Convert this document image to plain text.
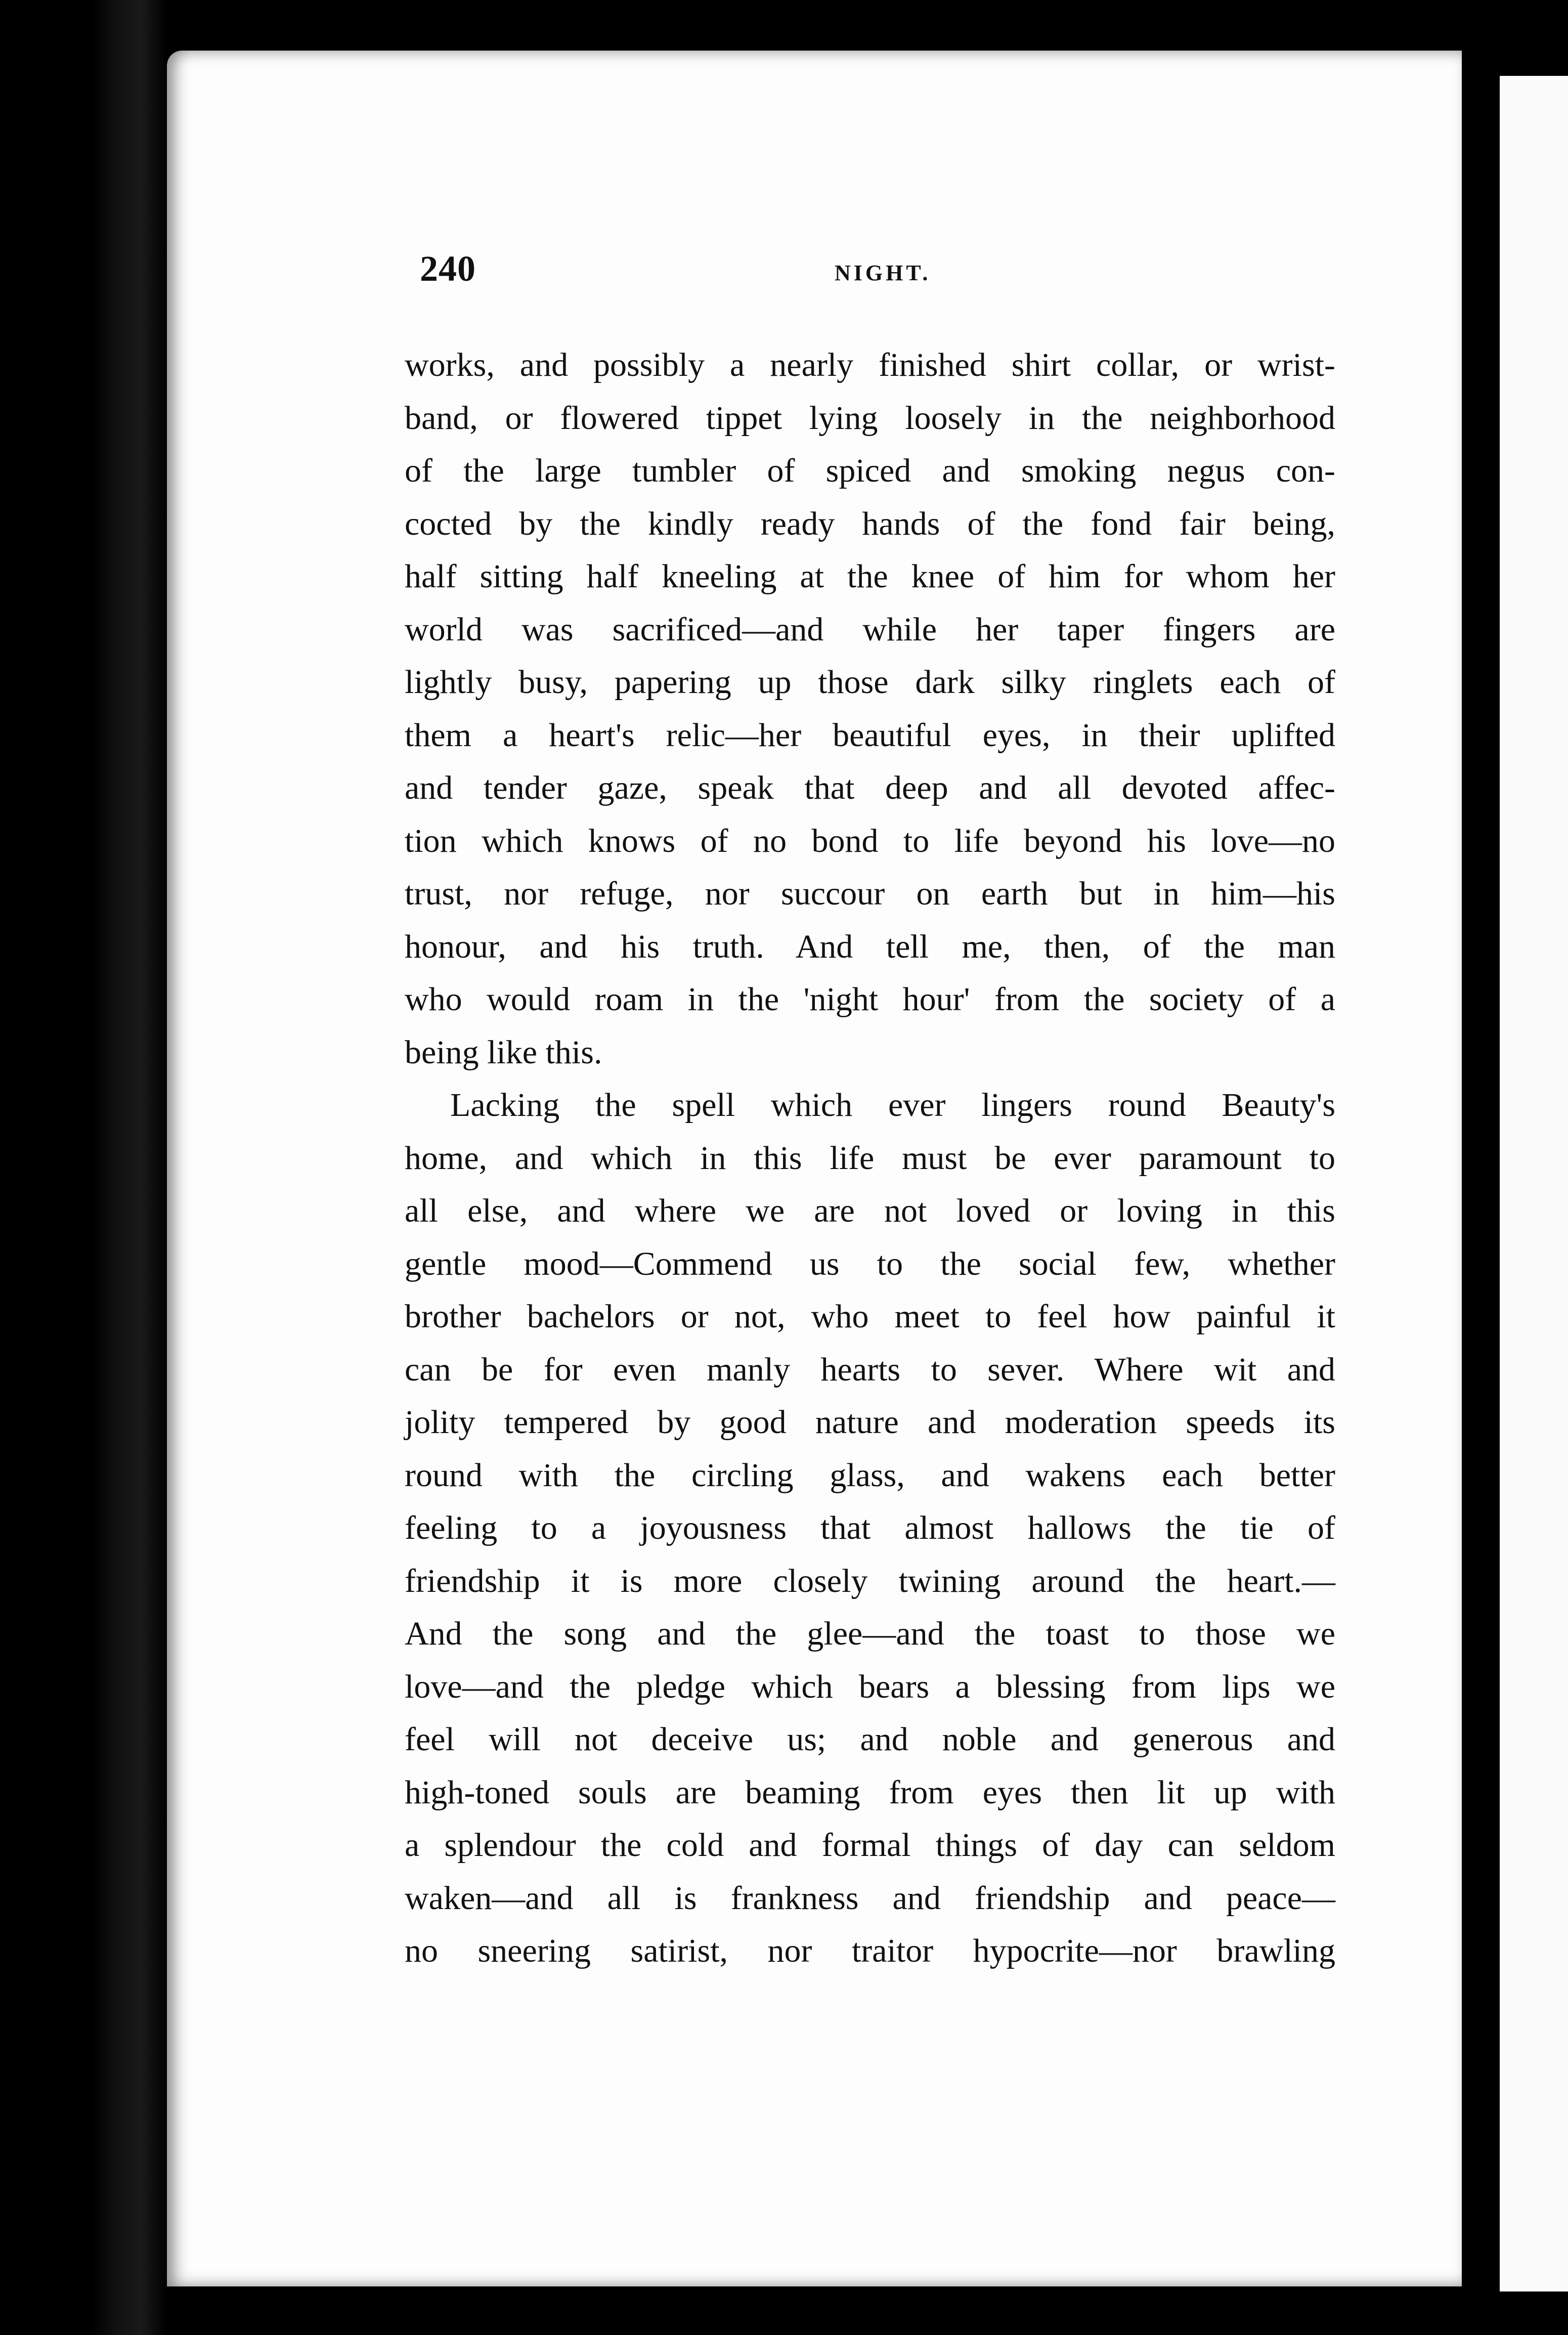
240	NIGHT.
works, and possibly a nearly finished shirt collar, or wrist-
band, or flowered tippet lying loosely in the neighborhood
of the large tumbler of spiced and smoking negus con-
cocted by the kindly ready hands of the fond fair being,
half sitting half kneeling at the knee of him for whom her
world was sacrificed—and while her taper fingers are
lightly busy, papering up those dark silky ringlets each of
them a heart's relic—her beautiful eyes, in their uplifted
and tender gaze, speak that deep and all devoted affec-
tion which knows of no bond to life beyond his love—no
trust, nor refuge, nor succour on earth but in him—his
honour, and his truth. And tell me, then, of the man
who would roam in the 'night hour' from the society of a
being like this.
Lacking the spell which ever lingers round Beauty's
home, and which in this life must be ever paramount to
all else, and where we are not loved or loving in this
gentle mood—Commend us to the social few, whether
brother bachelors or not, who meet to feel how painful it
can be for even manly hearts to sever. Where wit and
jolity tempered by good nature and moderation speeds its
round with the circling glass, and wakens each better
feeling to a joyousness that almost hallows the tie of
friendship it is more closely twining around the heart.—
And the song and the glee—and the toast to those we
love—and the pledge which bears a blessing from lips we
feel will not deceive us; and noble and generous and
high-toned souls are beaming from eyes then lit up with
a splendour the cold and formal things of day can seldom
waken—and all is frankness and friendship and peace—
no sneering satirist, nor traitor hypocrite—nor brawling
